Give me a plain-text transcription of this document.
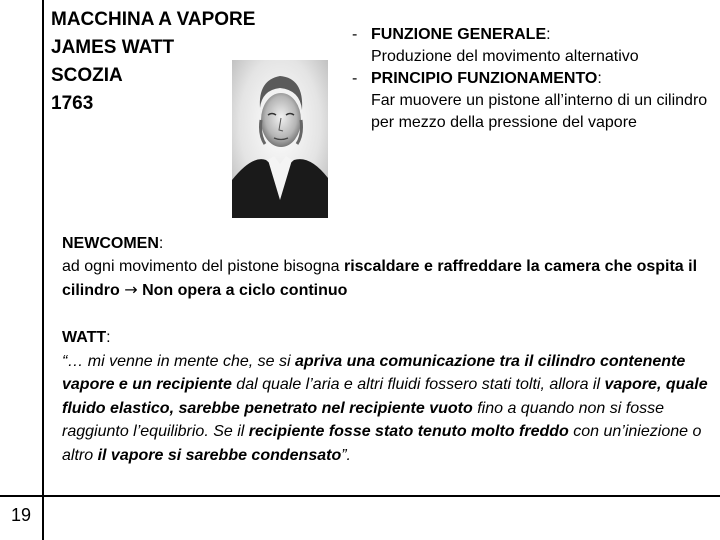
19
MACCHINA A VAPORE
JAMES WATT
SCOZIA
1763
- FUNZIONE GENERALE:
Produzione del movimento alternativo
- PRINCIPIO FUNZIONAMENTO:
Far muovere un pistone all’interno di un cilindro per mezzo della pressione del vapore
NEWCOMEN:
ad ogni movimento del pistone bisogna riscaldare e raffreddare la camera che ospita il cilindro → Non opera a ciclo continuo
WATT:
“… mi venne in mente che, se si apriva una comunicazione tra il cilindro contenente vapore e un recipiente dal quale l’aria e altri fluidi fossero stati tolti, allora il vapore, quale fluido elastico, sarebbe penetrato nel recipiente vuoto fino a quando non si fosse raggiunto l’equilibrio. Se il recipiente fosse stato tenuto molto freddo con un’iniezione o altro il vapore si sarebbe condensato”.
